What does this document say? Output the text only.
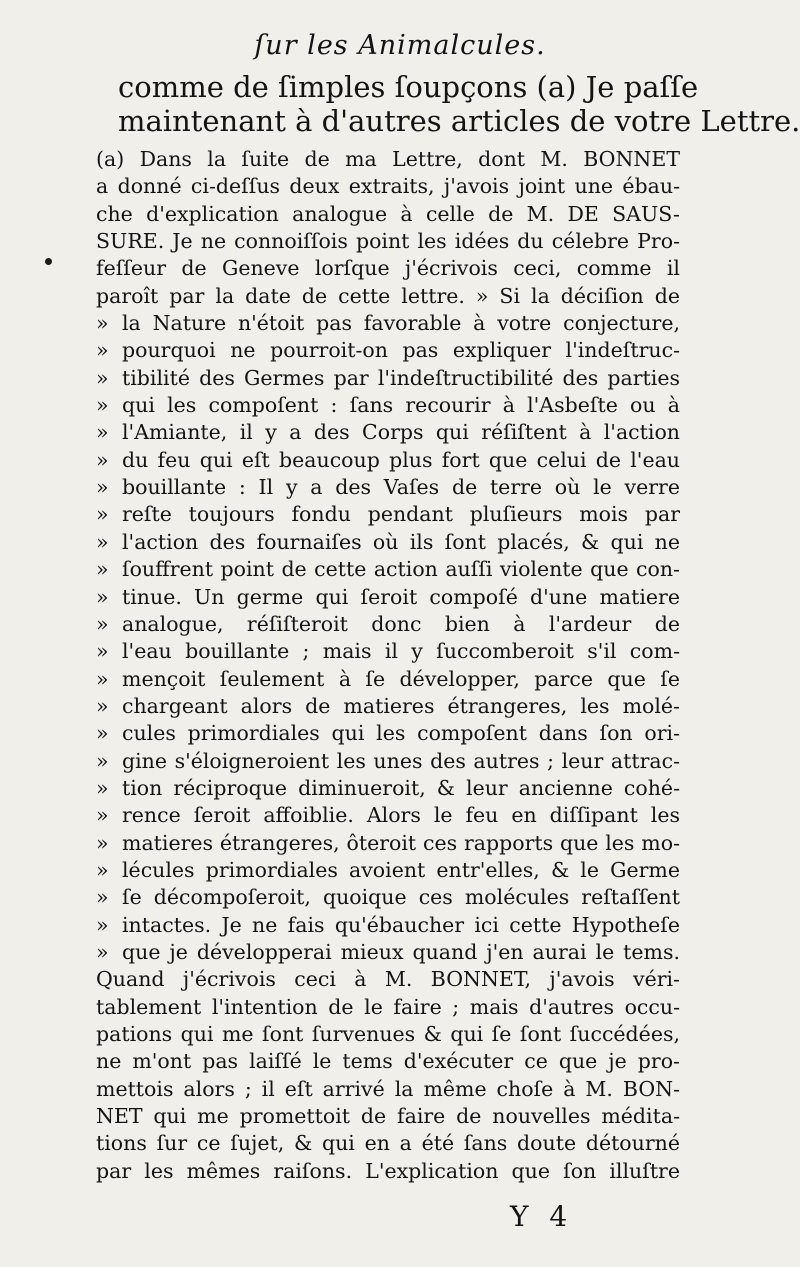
ſur les Animalcules.
comme de ſimples ſoupçons (a) Je paſſe
maintenant à d'autres articles de votre Lettre.
(a) Dans la ſuite de ma Lettre, dont M. BONNET
a donné ci-deſſus deux extraits, j'avois joint une ébau-
che d'explication analogue à celle de M. DE SAUS-
SURE. Je ne connoiſſois point les idées du célebre Pro-
feſſeur de Geneve lorſque j'écrivois ceci, comme il
paroît par la date de cette lettre. » Si la déciſion de
» la Nature n'étoit pas favorable à votre conjecture,
» pourquoi ne pourroit-on pas expliquer l'indeſtruc-
» tibilité des Germes par l'indeſtructibilité des parties
» qui les compoſent : ſans recourir à l'Asbeſte ou à
» l'Amiante, il y a des Corps qui réſiſtent à l'action
» du feu qui eſt beaucoup plus fort que celui de l'eau
» bouillante : Il y a des Vaſes de terre où le verre
» reſte toujours fondu pendant pluſieurs mois par
» l'action des fournaiſes où ils ſont placés, & qui ne
» ſouffrent point de cette action auſſi violente que con-
» tinue. Un germe qui ſeroit compoſé d'une matiere
» analogue, réſiſteroit donc bien à l'ardeur de
» l'eau bouillante ; mais il y ſuccomberoit s'il com-
» mençoit ſeulement à ſe développer, parce que ſe
» chargeant alors de matieres étrangeres, les molé-
» cules primordiales qui les compoſent dans ſon ori-
» gine s'éloigneroient les unes des autres ; leur attrac-
» tion réciproque diminueroit, & leur ancienne cohé-
» rence ſeroit affoiblie. Alors le feu en diſſipant les
» matieres étrangeres, ôteroit ces rapports que les mo-
» lécules primordiales avoient entr'elles, & le Germe
» ſe décompoſeroit, quoique ces molécules reſtaſſent
» intactes. Je ne fais qu'ébaucher ici cette Hypotheſe
» que je développerai mieux quand j'en aurai le tems.
Quand j'écrivois ceci à M. BONNET, j'avois véri-
tablement l'intention de le faire ; mais d'autres occu-
pations qui me ſont ſurvenues & qui ſe ſont ſuccédées,
ne m'ont pas laiſſé le tems d'exécuter ce que je pro-
mettois alors ; il eſt arrivé la même choſe à M. BON-
NET qui me promettoit de faire de nouvelles médita-
tions ſur ce ſujet, & qui en a été ſans doute détourné
par les mêmes raiſons. L'explication que ſon illuſtre
Y 4
